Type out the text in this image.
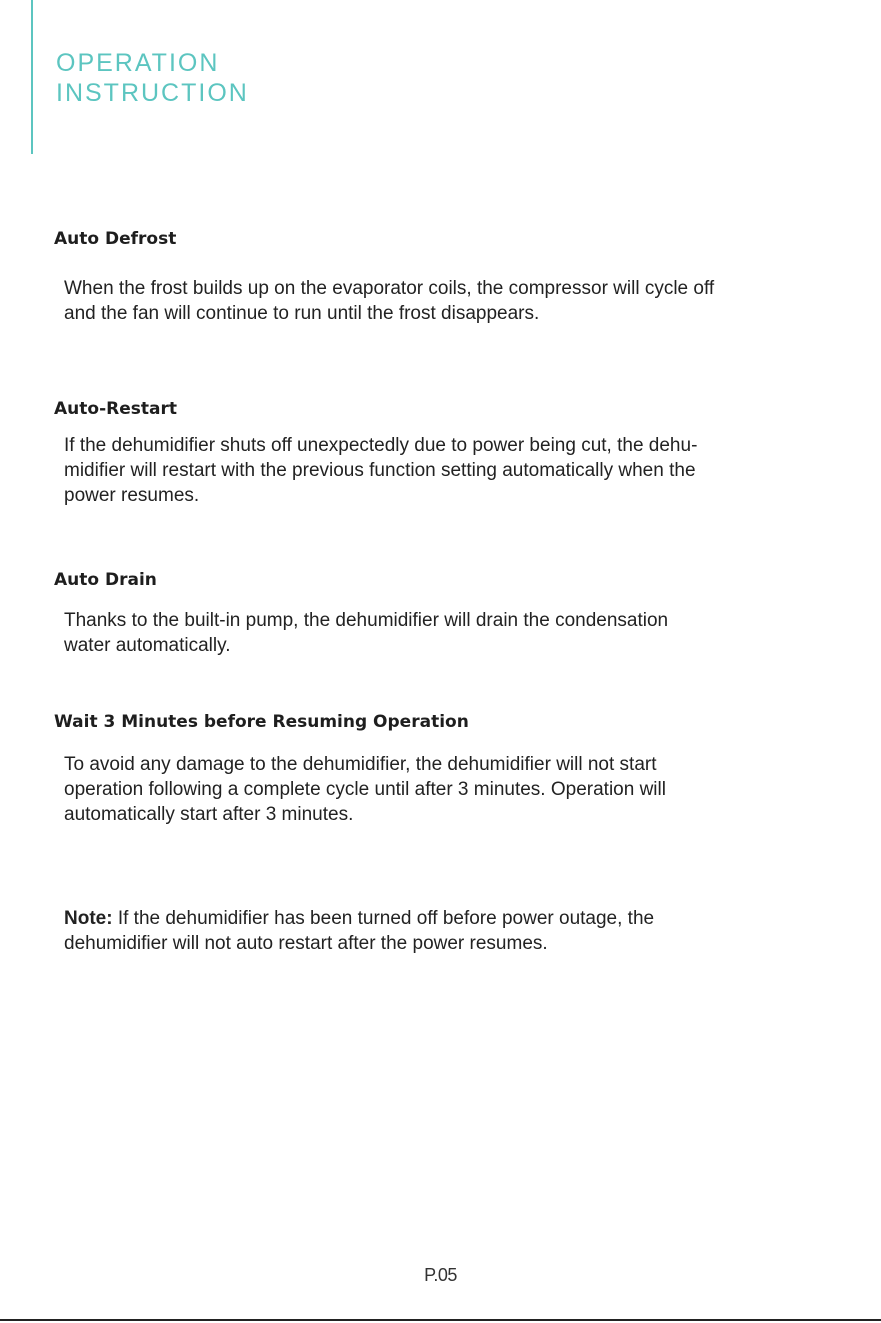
OPERATION
INSTRUCTION
Auto Defrost

When the frost builds up on the evaporator coils, the compressor will cycle off
and the fan will continue to run until the frost disappears.

Auto-Restart

If the dehumidifier shuts off unexpectedly due to power being cut, the dehu-
midifier will restart with the previous function setting automatically when the
power resumes.

Auto Drain

Thanks to the built-in pump, the dehumidifier will drain the condensation
water automatically.

Wait 3 Minutes before Resuming Operation

To avoid any damage to the dehumidifier, the dehumidifier will not start
operation following a complete cycle until after 3 minutes. Operation will
automatically start after 3 minutes.

Note: If the dehumidifier has been turned off before power outage, the
dehumidifier will not auto restart after the power resumes.

P.05
